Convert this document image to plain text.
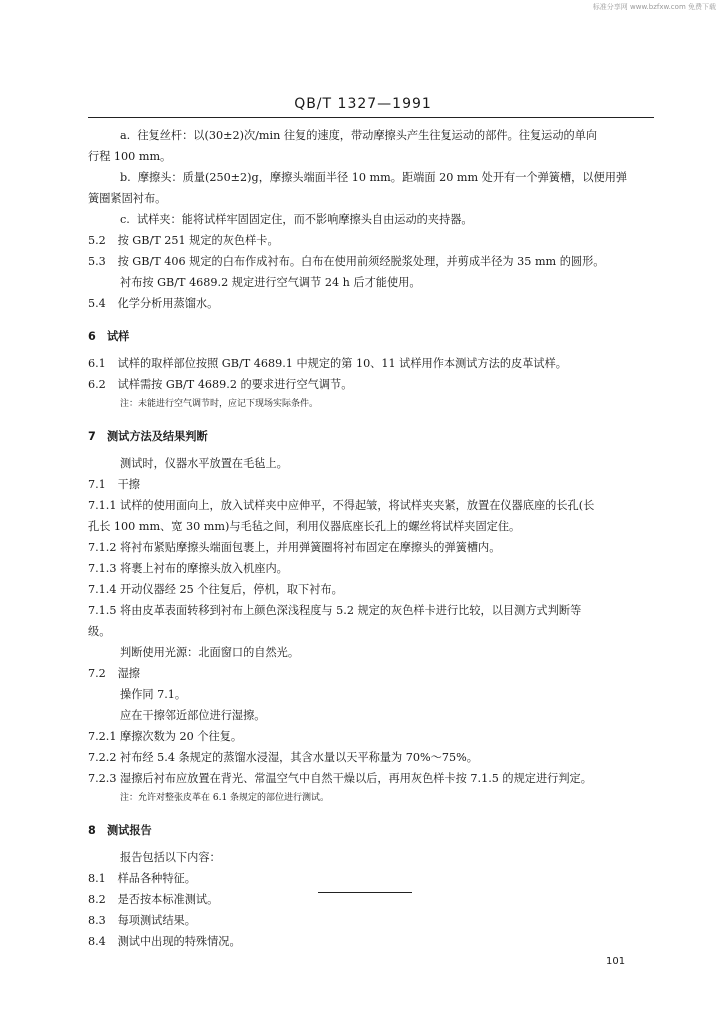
标准分享网 www.bzfxw.com 免费下载
QB/T 1327—1991
a. 往复丝杆：以(30±2)次/min 往复的速度，带动摩擦头产生往复运动的部件。往复运动的单向
行程 100 mm。
b. 摩擦头：质量(250±2)g，摩擦头端面半径 10 mm。距端面 20 mm 处开有一个弹簧槽，以便用弹
簧圈紧固衬布。
c. 试样夹：能将试样牢固固定住，而不影响摩擦头自由运动的夹持器。
5.2 按 GB/T 251 规定的灰色样卡。
5.3 按 GB/T 406 规定的白布作成衬布。白布在使用前须经脱浆处理，并剪成半径为 35 mm 的圆形。
衬布按 GB/T 4689.2 规定进行空气调节 24 h 后才能使用。
5.4 化学分析用蒸馏水。
6　试样
6.1 试样的取样部位按照 GB/T 4689.1 中规定的第 10、11 试样用作本测试方法的皮革试样。
6.2 试样需按 GB/T 4689.2 的要求进行空气调节。
注：未能进行空气调节时，应记下现场实际条件。
7　测试方法及结果判断
测试时，仪器水平放置在毛毡上。
7.1 干擦
7.1.1 试样的使用面向上，放入试样夹中应伸平，不得起皱，将试样夹夹紧，放置在仪器底座的长孔(长
孔长 100 mm、宽 30 mm)与毛毡之间，利用仪器底座长孔上的螺丝将试样夹固定住。
7.1.2 将衬布紧贴摩擦头端面包裹上，并用弹簧圈将衬布固定在摩擦头的弹簧槽内。
7.1.3 将裹上衬布的摩擦头放入机座内。
7.1.4 开动仪器经 25 个往复后，停机，取下衬布。
7.1.5 将由皮革表面转移到衬布上颜色深浅程度与 5.2 规定的灰色样卡进行比较，以目测方式判断等
级。
判断使用光源：北面窗口的自然光。
7.2 湿擦
操作同 7.1。
应在干擦邻近部位进行湿擦。
7.2.1 摩擦次数为 20 个往复。
7.2.2 衬布经 5.4 条规定的蒸馏水浸湿，其含水量以天平称量为 70%～75%。
7.2.3 湿擦后衬布应放置在背光、常温空气中自然干燥以后，再用灰色样卡按 7.1.5 的规定进行判定。
注：允许对整张皮革在 6.1 条规定的部位进行测试。
8　测试报告
报告包括以下内容：
8.1 样品各种特征。
8.2 是否按本标准测试。
8.3 每项测试结果。
8.4 测试中出现的特殊情况。
101
